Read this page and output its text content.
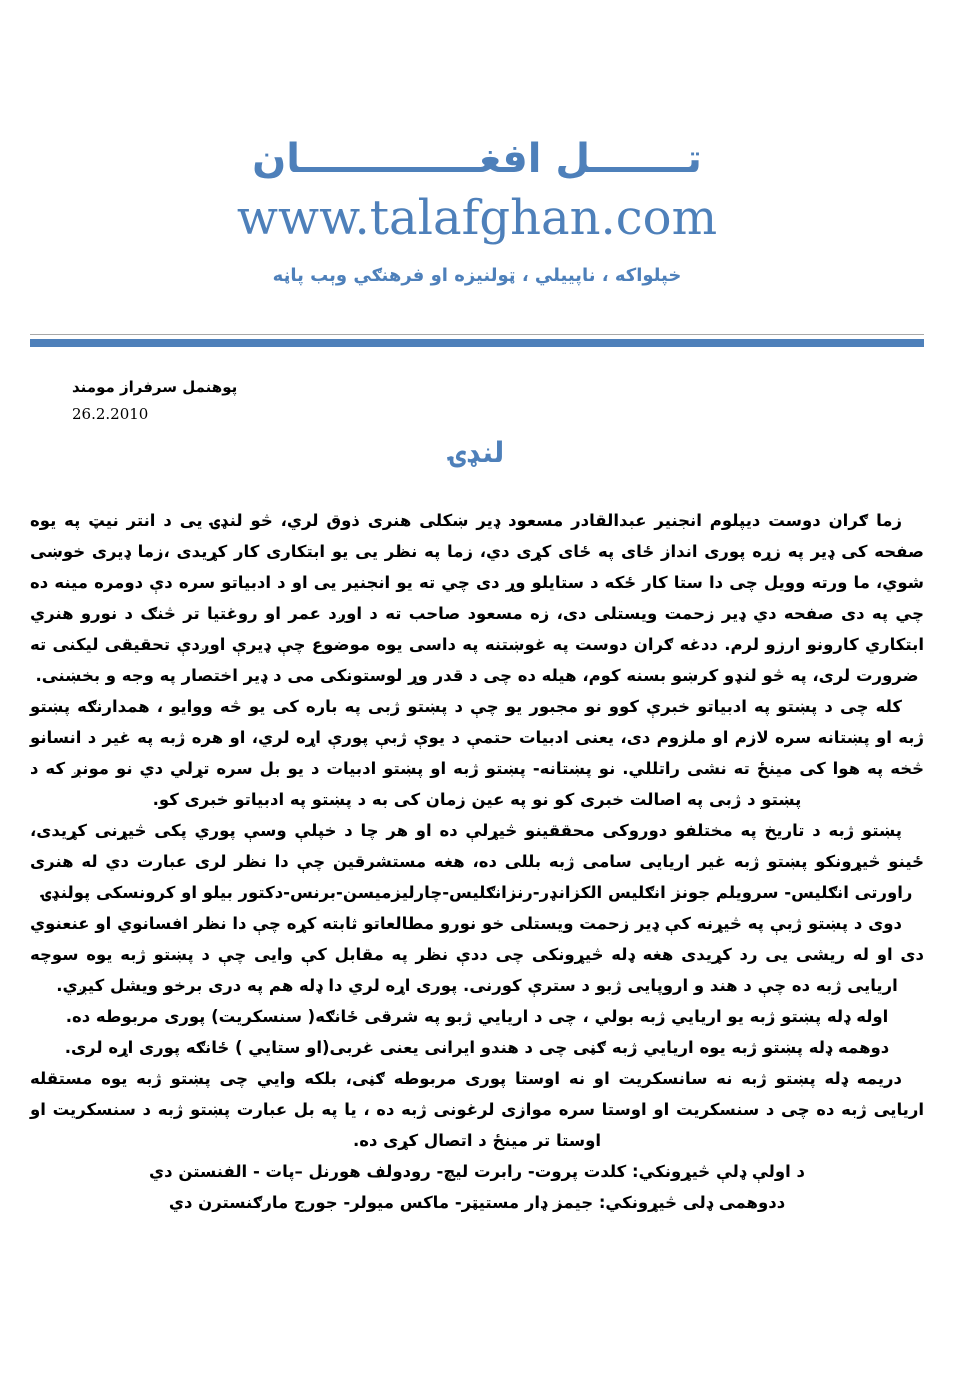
تـــــــل افغـــــــــــــان
www.talafghan.com
خپلواکه ، ناپييلي ، ټولنيزه او فرهنګي وېب پاڼه
پوهنمل سرفراز مومند
26.2.2010
لنډۍ

زما ګران دوست ديپلوم انجنير عبدالقادر مسعود ډير ښکلی هنری ذوق لري، څو لنډۍ يی د انتر نيټ په يوه صفحه کی ډير په زړه پوری انداز ځای په ځای کړی دي، زما په نظر يی يو ابتکاری کار کړيدی ،زما ډيری خوښی شوي، ما ورته وويل چی دا ستا کار ځکه د ستايلو وړ دی چي ته يو انجنير يی او د ادبياتو سره دې دومره مينه ده چي په دی صفحه دي ډير زحمت ويستلی دی، زه مسعود صاحب ته د اوږد عمر او روغتيا تر څنګ د نورو هنري ابتکاري کارونو ارزو لرم. ددغه ګران دوست په غوښتنه په داسی يوه موضوع چې ډيرې اوږدې تحقيقی ليکنی ته ضرورت لری، په څو لنډو کرښو بسنه کوم، هيله ده چی د قدر وړ لوستونکی می د ډير اختصار په وجه و بخښنی.

کله چی د پښتو په ادبياتو خبرې کوو نو مجبور يو چې د پښتو ژبی په باره کی يو څه ووايو ، همدارنګه پښتو ژبه او پښتانه سره لازم او ملزوم دی، يعنی ادبيات حتمې د يوې ژبې پورې اړه لري، او هره ژبه په غير د انسانو څخه په هوا کی مينځ ته نشی راتللي. نو پښتانه- پښتو ژبه او پښتو ادبيات د يو بل سره تړلي دي نو مونږ که د پښتو د ژبی په اصالت خبری کو نو په عين زمان کی به د پښتو په ادبياتو خبری کو.

پښتو ژبه د تاريخ په مختلفو دوروکی محققينو څيړلې ده او هر چا د خپلې وسې پوري پکی څيړنی کړيدی، ځينو څيړونکو پښتو ژبه غير اريايی سامی ژبه بللی ده، هغه مستشرقين چې دا نظر لری عبارت دي له هنری راورتی انګليس- سرويلم جونز انګليس الکزانډر-رنزانګليس-چارليزميسن-برنس-دکتور بيلو او کرونسکی پولنډۍ

دوی د پښتو ژبې په څيړنه کې ډير زحمت ويستلی خو نورو مطالعاتو ثابته کړه چې دا نظر افسانوي او عنعنوي دی او له ريشی يی رد کړيدی هغه ډله څيړونکی چی ددې نظر په مقابل کې وايی چې د پښتو ژبه يوه سوچه اريايی ژبه ده چې د هند و اروپايی ژبو د سترې کورنی. پوری اړه لري دا ډله هم په دری برخو ويشل کيږي.

اوله ډله پښتو ژبه يو اريايي ژبه بولي ، چی د اريايي ژبو په شرقی ځانګه( سنسکريت) پوری مربوطه ده.

دوهمه ډله پښتو ژبه يوه اريايي ژبه ګڼی چی د هندو ايرانی يعنی غربی(او ستايي ) ځانګه پوری اړه لری.

دريمه ډله پښتو ژبه نه سانسکريت او نه اوستا پوری مربوطه ګڼی، بلکه وايي چی پښتو ژبه يوه مستقله اريايی ژبه ده چی د سنسکريت او اوستا سره موازی لرغونی ژبه ده ، يا په بل عبارت پښتو ژبه د سنسکريت او اوستا تر مينځ د اتصال کړی ده.

د اولې ډلې څيړونکي: کلدت پروت- رابرت ليچ- رودولف هورنل –پات - الفنستن دي

ددوهمی ډلی څيړونکي: جيمز ډار مستيټر- ماکس ميولر- جورج مارګنسترن دي
